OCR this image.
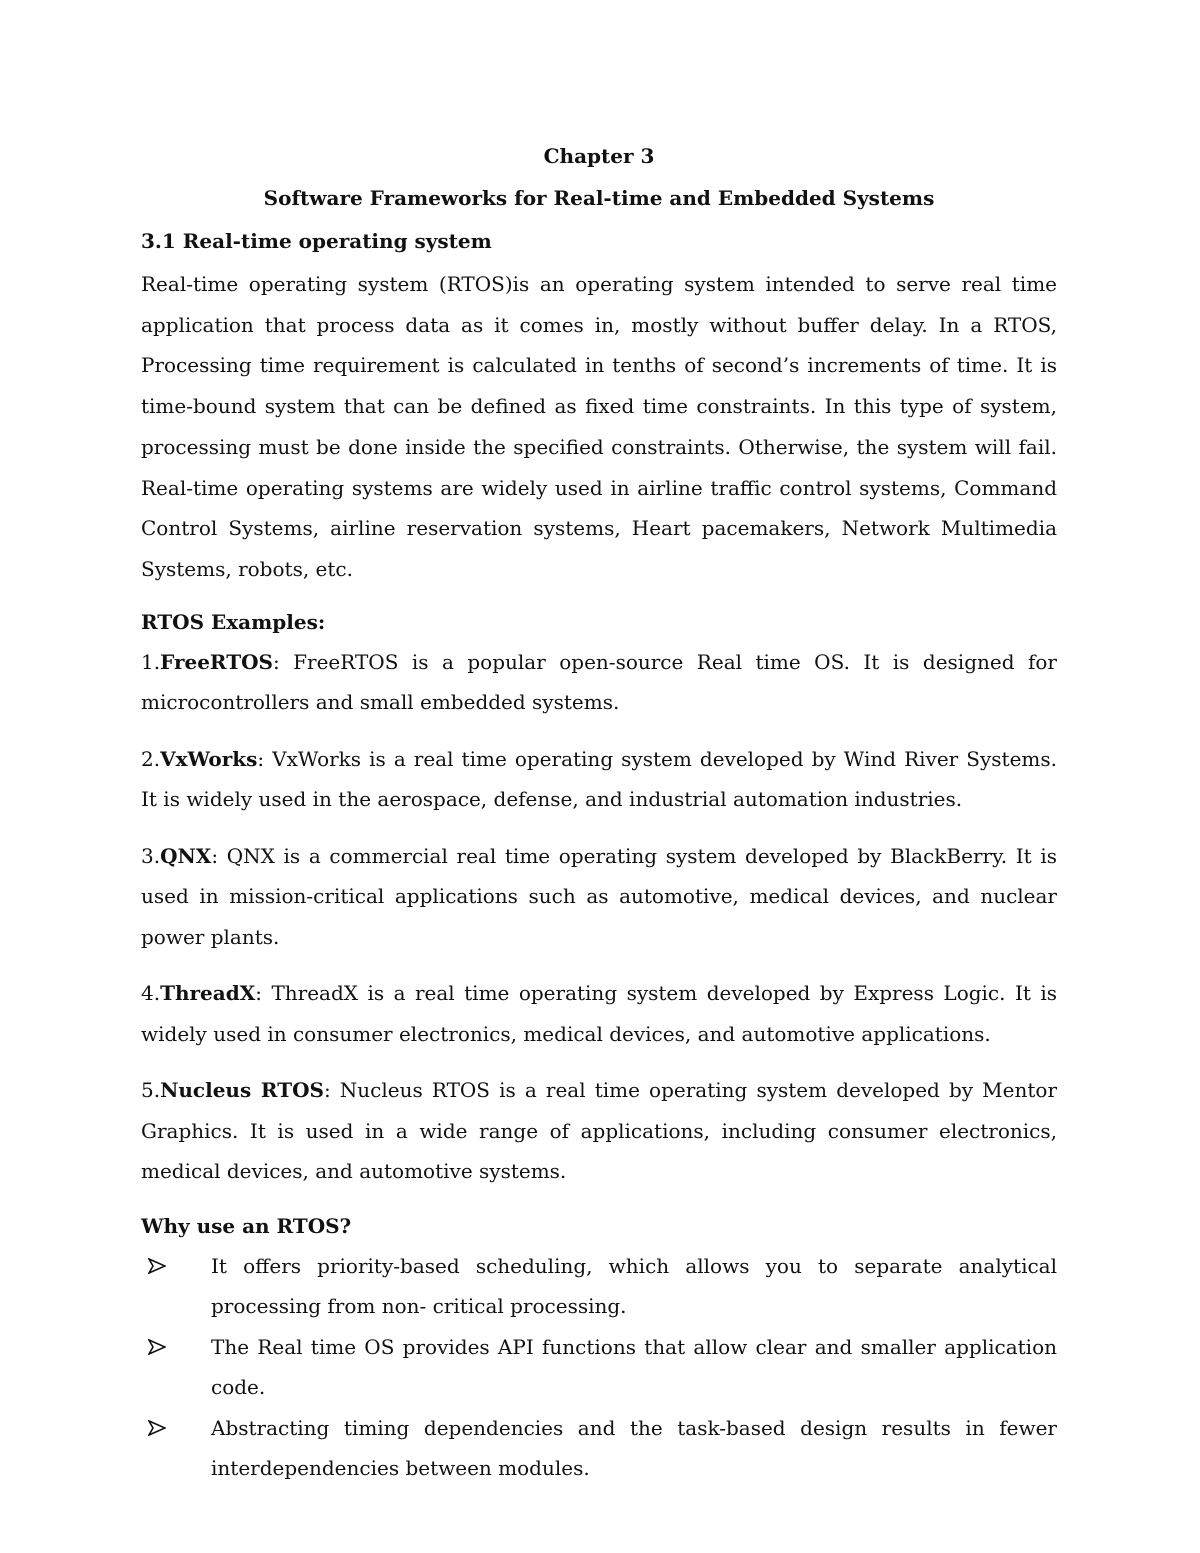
Chapter 3
Software Frameworks for Real-time and Embedded Systems
3.1 Real-time operating system

Real-time operating system (RTOS)is an operating system intended to serve real time application that process data as it comes in, mostly without buffer delay. In a RTOS, Processing time requirement is calculated in tenths of second’s increments of time. It is time-bound system that can be defined as fixed time constraints. In this type of system, processing must be done inside the specified constraints. Otherwise, the system will fail. Real-time operating systems are widely used in airline traffic control systems, Command Control Systems, airline reservation systems, Heart pacemakers, Network Multimedia Systems, robots, etc.

RTOS Examples:

1.FreeRTOS: FreeRTOS is a popular open-source Real time OS. It is designed for microcontrollers and small embedded systems.

2.VxWorks: VxWorks is a real time operating system developed by Wind River Systems. It is widely used in the aerospace, defense, and industrial automation industries.

3.QNX: QNX is a commercial real time operating system developed by BlackBerry. It is used in mission-critical applications such as automotive, medical devices, and nuclear power plants.

4.ThreadX: ThreadX is a real time operating system developed by Express Logic. It is widely used in consumer electronics, medical devices, and automotive applications.

5.Nucleus RTOS: Nucleus RTOS is a real time operating system developed by Mentor Graphics. It is used in a wide range of applications, including consumer electronics, medical devices, and automotive systems.

Why use an RTOS?
It offers priority-based scheduling, which allows you to separate analytical processing from non- critical processing.
The Real time OS provides API functions that allow clear and smaller application code.
Abstracting timing dependencies and the task-based design results in fewer interdependencies between modules.
